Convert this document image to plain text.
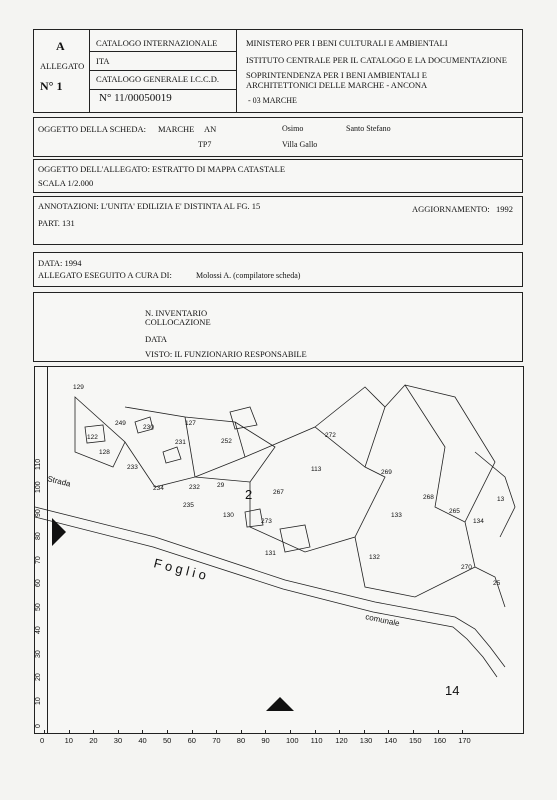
A
ALLEGATO
N° 1
CATALOGO INTERNAZIONALE
ITA
CATALOGO GENERALE I.C.C.D.
N° 11/00050019
MINISTERO PER I BENI CULTURALI E AMBIENTALI
ISTITUTO CENTRALE PER IL CATALOGO E LA DOCUMENTAZIONE
SOPRINTENDENZA PER I BENI AMBIENTALI E
ARCHITETTONICI DELLE MARCHE - ANCONA
- 03 MARCHE
OGGETTO DELLA SCHEDA: MARCHE AN	Osimo	Santo Stefano
TP7	Villa Gallo
OGGETTO DELL'ALLEGATO: ESTRATTO DI MAPPA CATASTALE
SCALA 1/2.000
ANNOTAZIONI: L'UNITA' EDILIZIA E' DISTINTA AL FG. 15	AGGIORNAMENTO: 1992
PART. 131
DATA: 1994
ALLEGATO ESEGUITO A CURA DI:	Molossi A. (compilatore scheda)
N. INVENTARIO
COLLOCAZIONE
DATA
VISTO: IL FUNZIONARIO RESPONSABILE
129
249
230
231
127
252
272
128
233	113	269
234	232	29
267
268
265
134
235
130
273
133
13
131
132
270
25
122
2
14
F o g l i o
Strada
comunale
0
10
20
30
40
50
60
70
80
90
100
110
0	10 20 30 40 50 60 70 80 90 100 110 120 130 140 150 160 170
